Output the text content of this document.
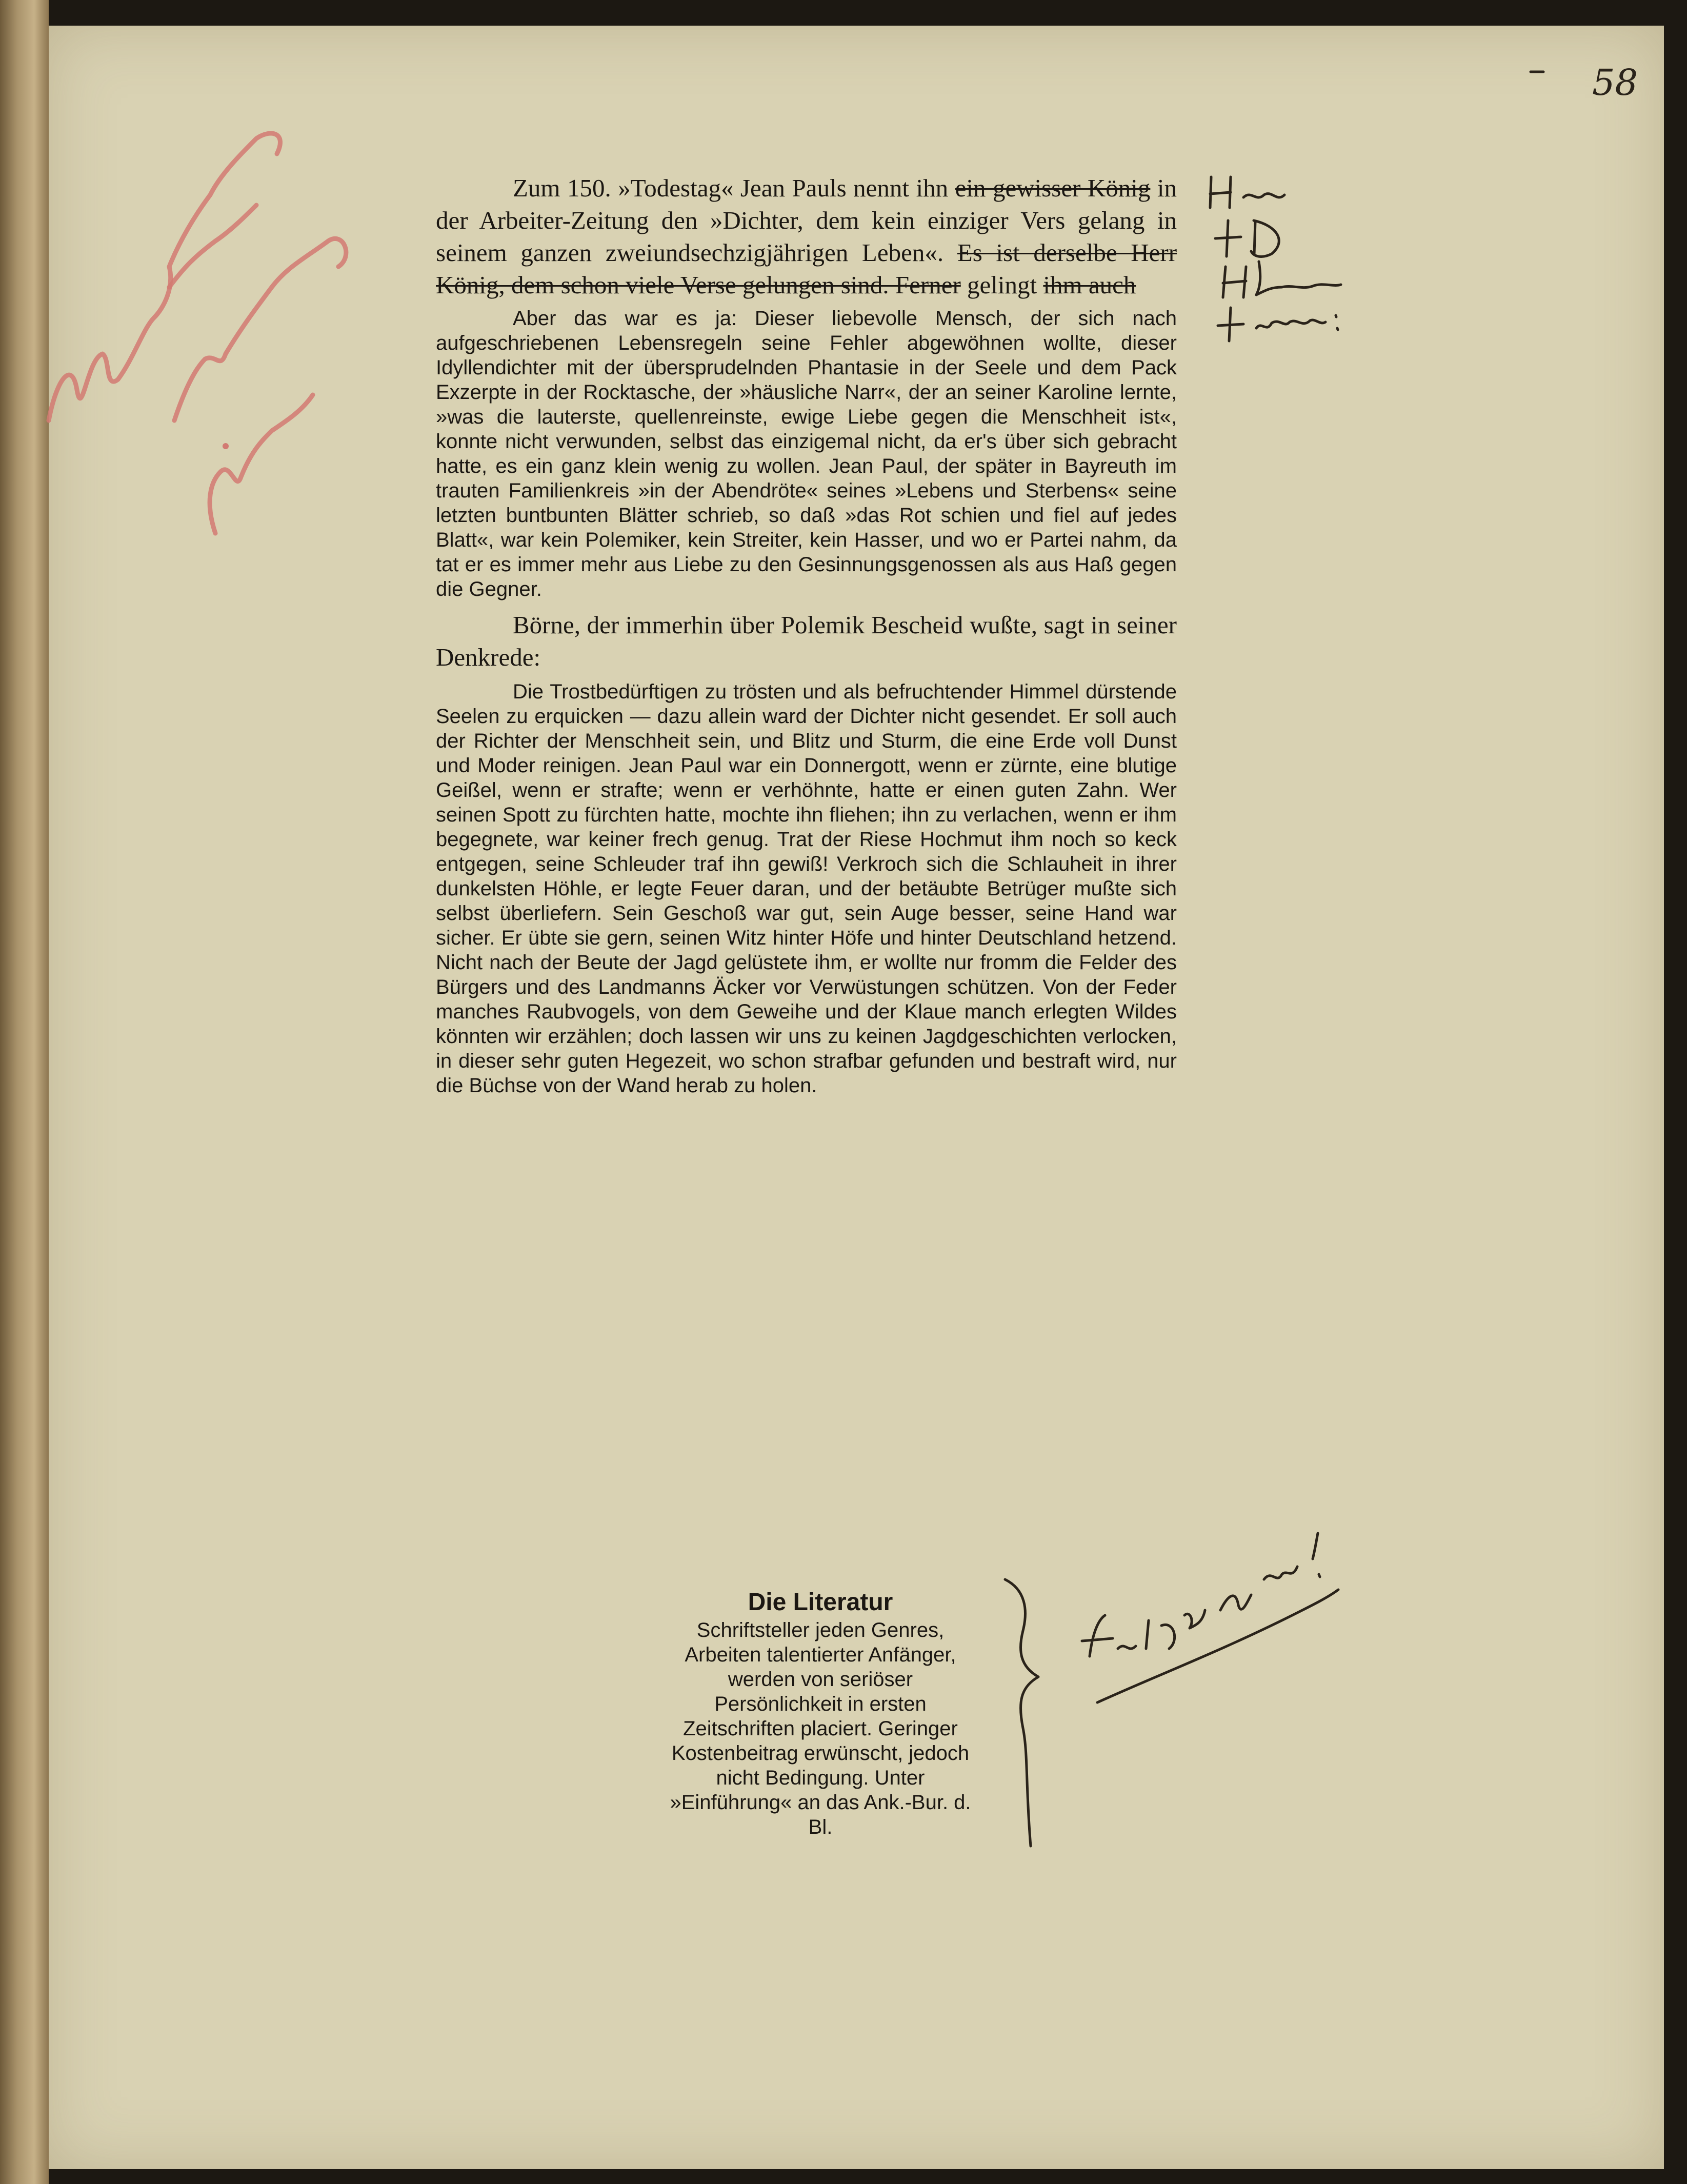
58

Zum 150. »Todestag« Jean Pauls nennt ihn ein gewisser König in der Arbeiter-Zeitung den »Dichter, dem kein einziger Vers gelang in seinem ganzen zweiundsechzigjährigen Leben«. Es ist derselbe Herr König, dem schon viele Verse gelungen sind. Ferner gelingt ihm auch

Aber das war es ja: Dieser liebevolle Mensch, der sich nach aufgeschriebenen Lebensregeln seine Fehler abgewöhnen wollte, dieser Idyllendichter mit der übersprudelnden Phantasie in der Seele und dem Pack Exzerpte in der Rocktasche, der »häusliche Narr«, der an seiner Karoline lernte, »was die lauterste, quellenreinste, ewige Liebe gegen die Menschheit ist«, konnte nicht verwunden, selbst das einzigemal nicht, da er's über sich gebracht hatte, es ein ganz klein wenig zu wollen. Jean Paul, der später in Bayreuth im trauten Familienkreis »in der Abendröte« seines »Lebens und Sterbens« seine letzten buntbunten Blätter schrieb, so daß »das Rot schien und fiel auf jedes Blatt«, war kein Polemiker, kein Streiter, kein Hasser, und wo er Partei nahm, da tat er es immer mehr aus Liebe zu den Gesinnungsgenossen als aus Haß gegen die Gegner.

Börne, der immerhin über Polemik Bescheid wußte, sagt in seiner Denkrede:

Die Trostbedürftigen zu trösten und als befruchtender Himmel dürstende Seelen zu erquicken — dazu allein ward der Dichter nicht gesendet. Er soll auch der Richter der Menschheit sein, und Blitz und Sturm, die eine Erde voll Dunst und Moder reinigen. Jean Paul war ein Donnergott, wenn er zürnte, eine blutige Geißel, wenn er strafte; wenn er verhöhnte, hatte er einen guten Zahn. Wer seinen Spott zu fürchten hatte, mochte ihn fliehen; ihn zu verlachen, wenn er ihm begegnete, war keiner frech genug. Trat der Riese Hochmut ihm noch so keck entgegen, seine Schleuder traf ihn gewiß! Verkroch sich die Schlauheit in ihrer dunkelsten Höhle, er legte Feuer daran, und der betäubte Betrüger mußte sich selbst überliefern. Sein Geschoß war gut, sein Auge besser, seine Hand war sicher. Er übte sie gern, seinen Witz hinter Höfe und hinter Deutschland hetzend. Nicht nach der Beute der Jagd gelüstete ihm, er wollte nur fromm die Felder des Bürgers und des Landmanns Äcker vor Verwüstungen schützen. Von der Feder manches Raubvogels, von dem Geweihe und der Klaue manch erlegten Wildes könnten wir erzählen; doch lassen wir uns zu keinen Jagdgeschichten verlocken, in dieser sehr guten Hegezeit, wo schon strafbar gefunden und bestraft wird, nur die Büchse von der Wand herab zu holen.

Die Literatur
Schriftsteller jeden Genres, Arbeiten talentierter Anfänger, werden von seriöser Persönlichkeit in ersten Zeitschriften placiert. Geringer Kostenbeitrag erwünscht, jedoch nicht Bedingung. Unter »Einführung« an das Ank.-Bur. d. Bl.
